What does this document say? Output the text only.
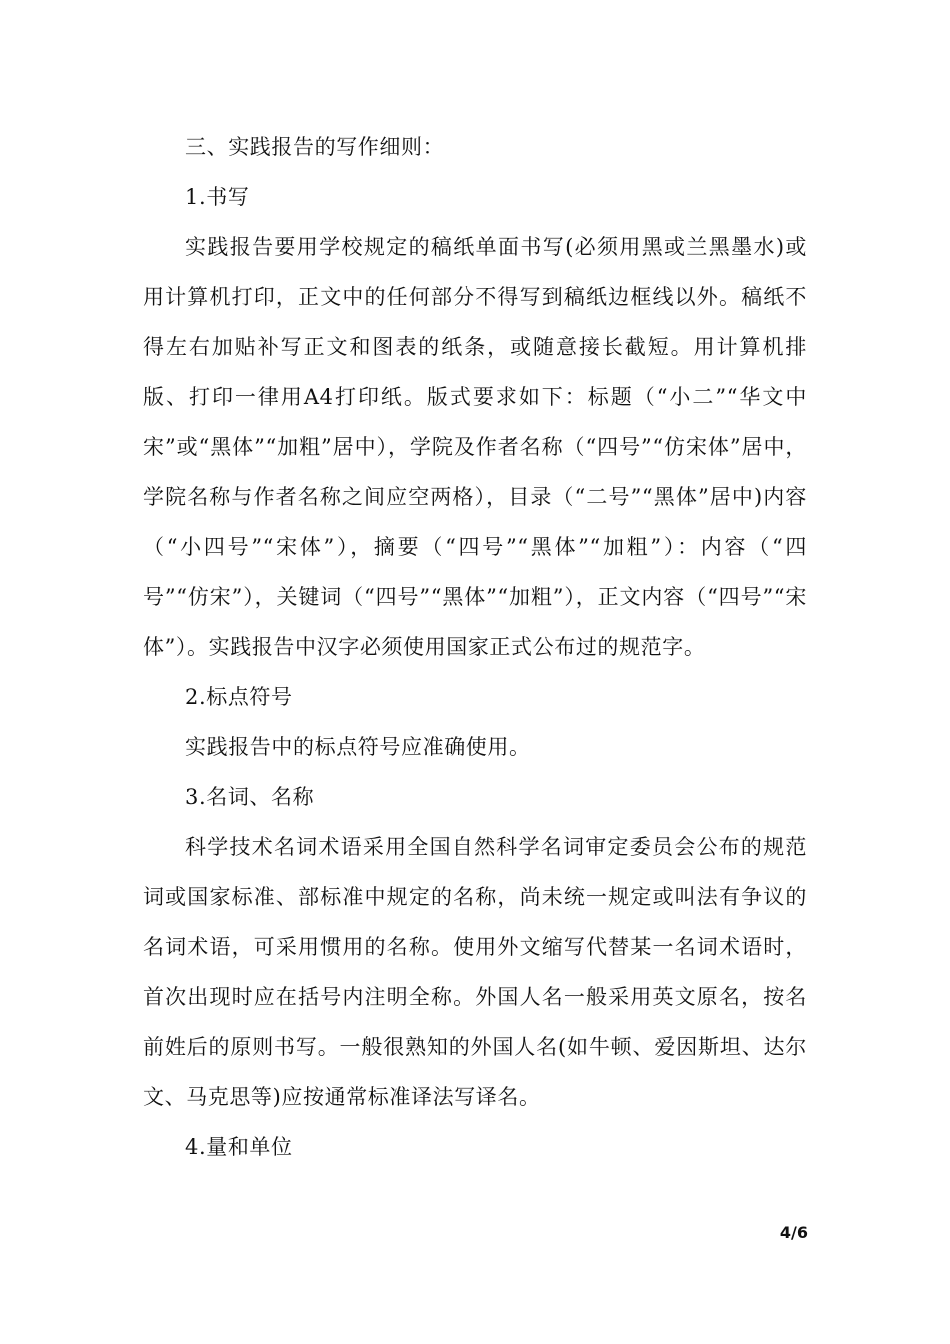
三、实践报告的写作细则：

1.书写

实践报告要用学校规定的稿纸单面书写(必须用黑或兰黑墨水)或用计算机打印，正文中的任何部分不得写到稿纸边框线以外。稿纸不得左右加贴补写正文和图表的纸条，或随意接长截短。用计算机排版、打印一律用A4打印纸。版式要求如下：标题（“小二”“华文中宋”或“黑体”“加粗”居中），学院及作者名称（“四号”“仿宋体”居中，学院名称与作者名称之间应空两格），目录（“二号”“黑体”居中)内容（“小四号”“宋体”），摘要（“四号”“黑体”“加粗”）：内容（“四号”“仿宋”），关键词（“四号”“黑体”“加粗”），正文内容（“四号”“宋体”）。实践报告中汉字必须使用国家正式公布过的规范字。

2.标点符号

实践报告中的标点符号应准确使用。

3.名词、名称

科学技术名词术语采用全国自然科学名词审定委员会公布的规范词或国家标准、部标准中规定的名称，尚未统一规定或叫法有争议的名词术语，可采用惯用的名称。使用外文缩写代替某一名词术语时，首次出现时应在括号内注明全称。外国人名一般采用英文原名，按名前姓后的原则书写。一般很熟知的外国人名(如牛顿、爱因斯坦、达尔文、马克思等)应按通常标准译法写译名。

4.量和单位

4/6
